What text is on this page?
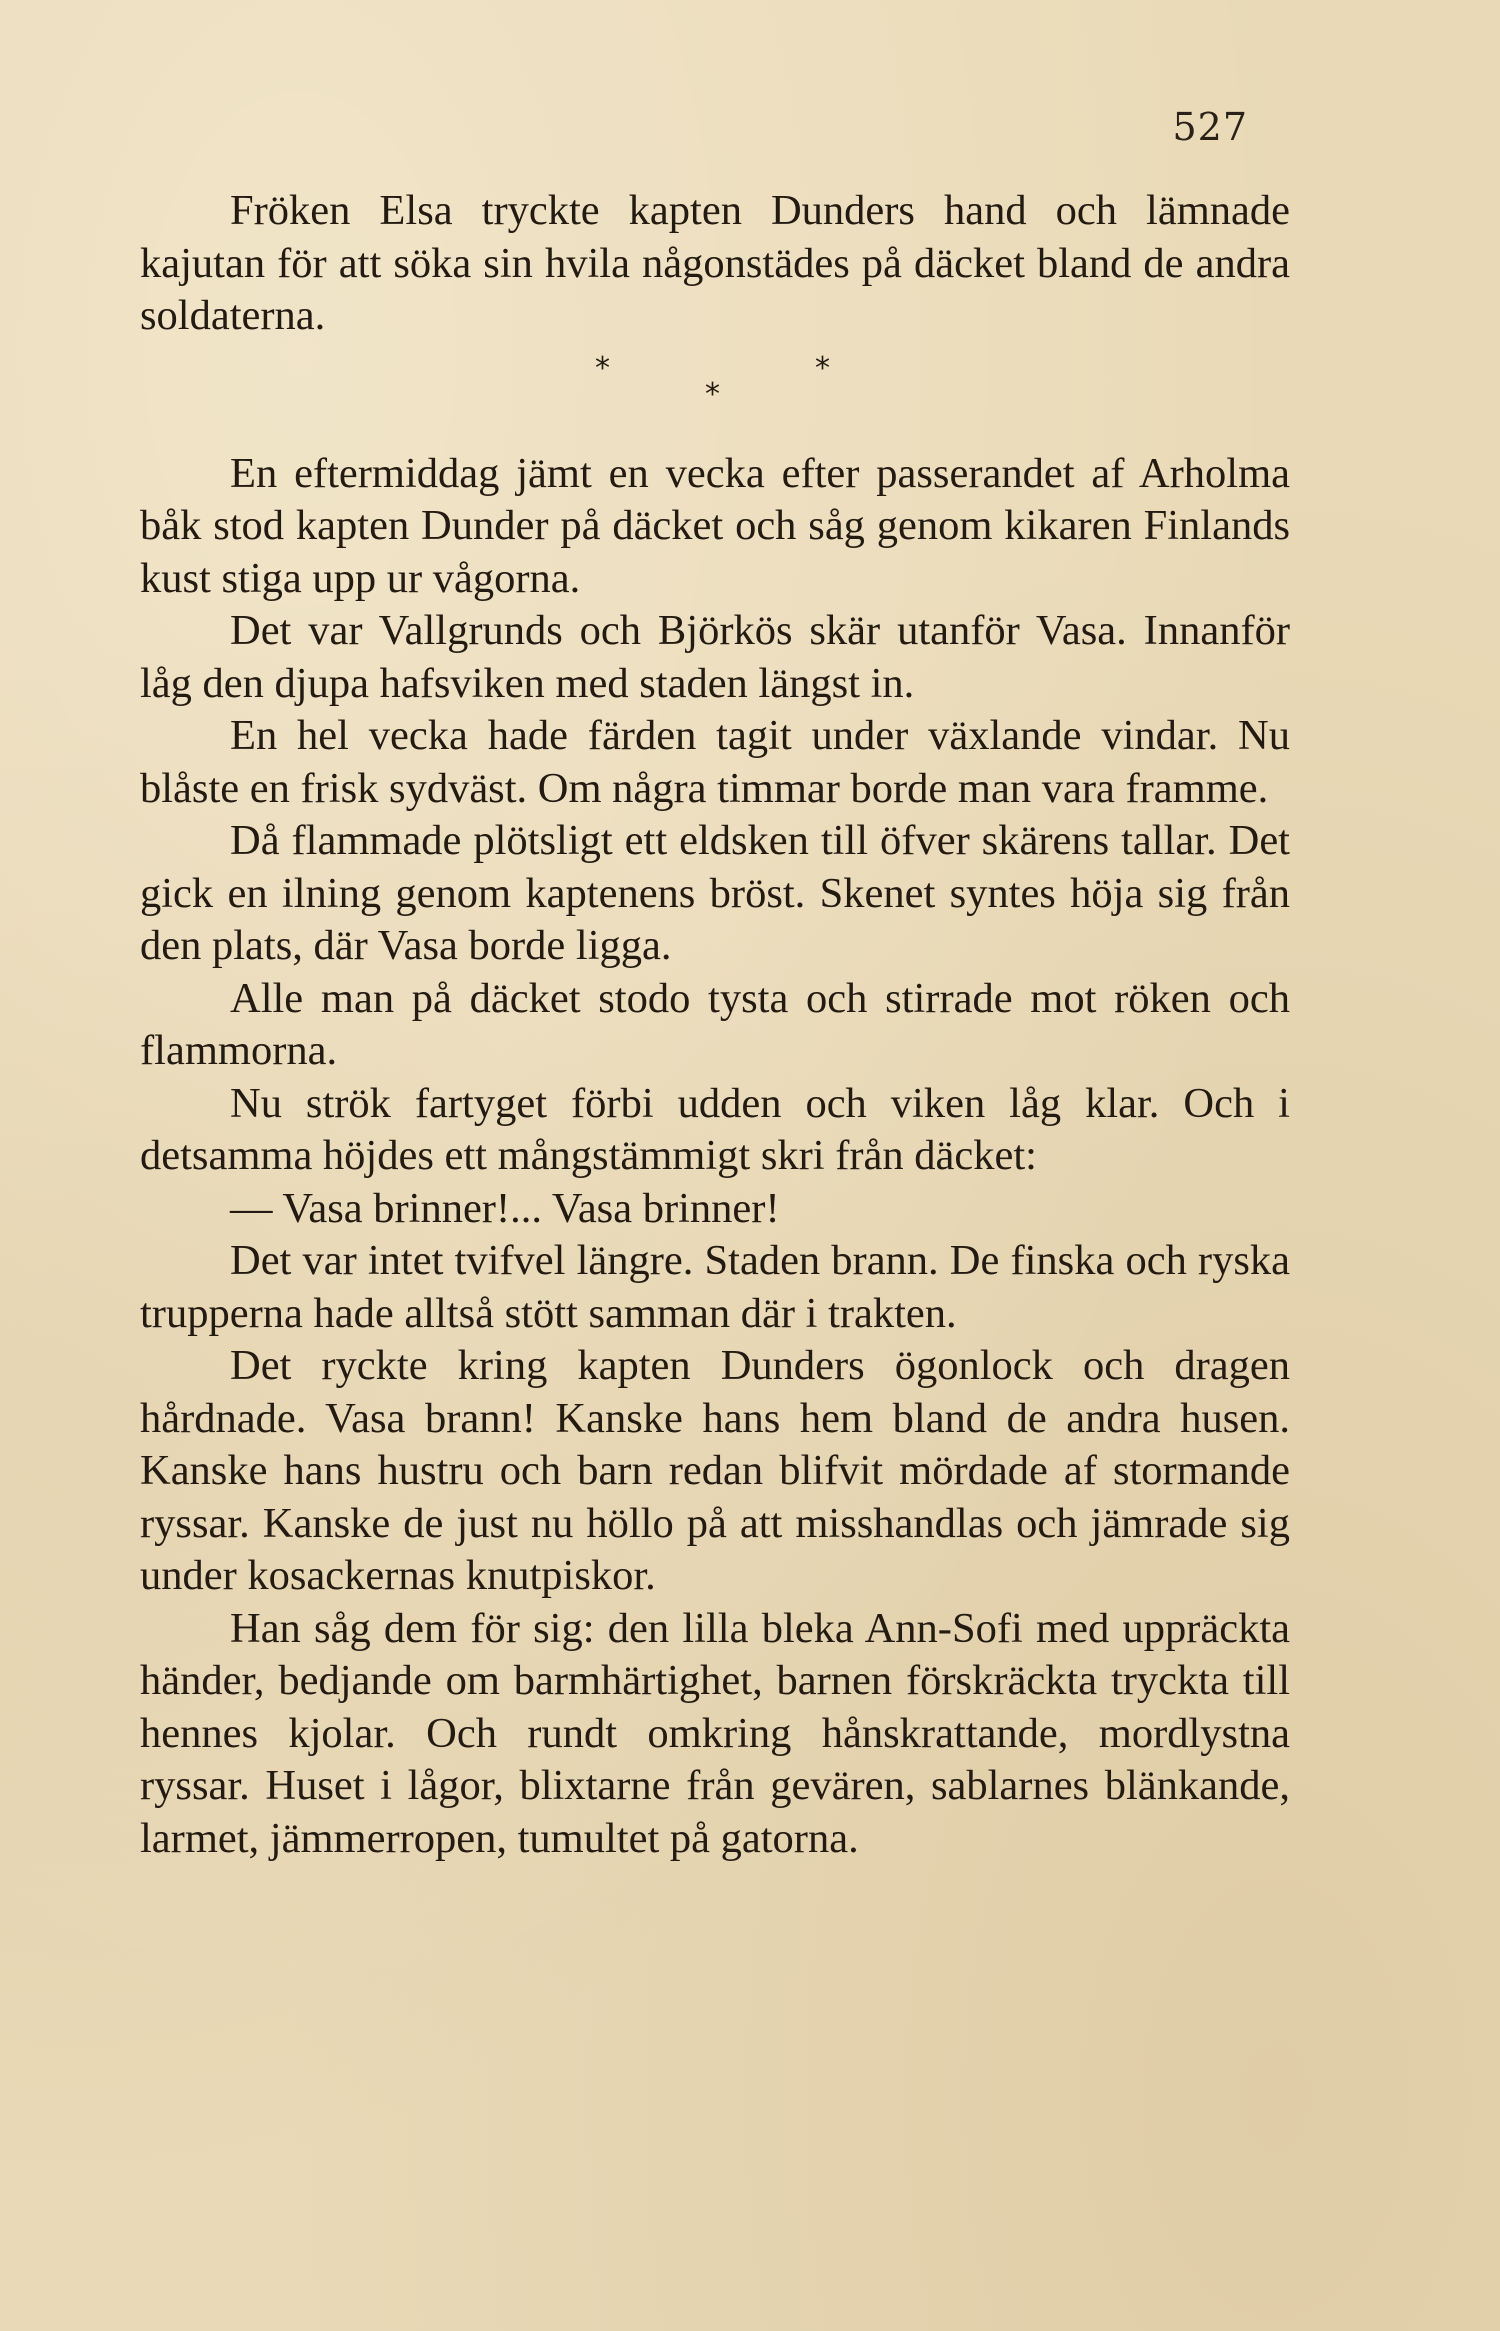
527

Fröken Elsa tryckte kapten Dunders hand och lämnade kajutan för att söka sin hvila någonstädes på däcket bland de andra soldaterna.

*	*
*

En eftermiddag jämt en vecka efter passerandet af Arholma båk stod kapten Dunder på däcket och såg genom kikaren Finlands kust stiga upp ur vågorna.

Det var Vallgrunds och Björkös skär utanför Vasa. Innanför låg den djupa hafsviken med staden längst in.

En hel vecka hade färden tagit under växlande vindar. Nu blåste en frisk sydväst. Om några timmar borde man vara framme.

Då flammade plötsligt ett eldsken till öfver skärens tallar. Det gick en ilning genom kaptenens bröst. Skenet syntes höja sig från den plats, där Vasa borde ligga.

Alle man på däcket stodo tysta och stirrade mot röken och flammorna.

Nu strök fartyget förbi udden och viken låg klar. Och i detsamma höjdes ett mångstämmigt skri från däcket:

— Vasa brinner!... Vasa brinner!

Det var intet tvifvel längre. Staden brann. De finska och ryska trupperna hade alltså stött samman där i trakten.

Det ryckte kring kapten Dunders ögonlock och dragen hårdnade. Vasa brann! Kanske hans hem bland de andra husen. Kanske hans hustru och barn redan blifvit mördade af stormande ryssar. Kanske de just nu höllo på att misshandlas och jämrade sig under kosackernas knutpiskor.

Han såg dem för sig: den lilla bleka Ann-Sofi med uppräckta händer, bedjande om barmhärtighet, barnen förskräckta tryckta till hennes kjolar. Och rundt omkring hånskrattande, mordlystna ryssar. Huset i lågor, blixtarne från gevären, sablarnes blänkande, larmet, jämmerropen, tumultet på gatorna.
